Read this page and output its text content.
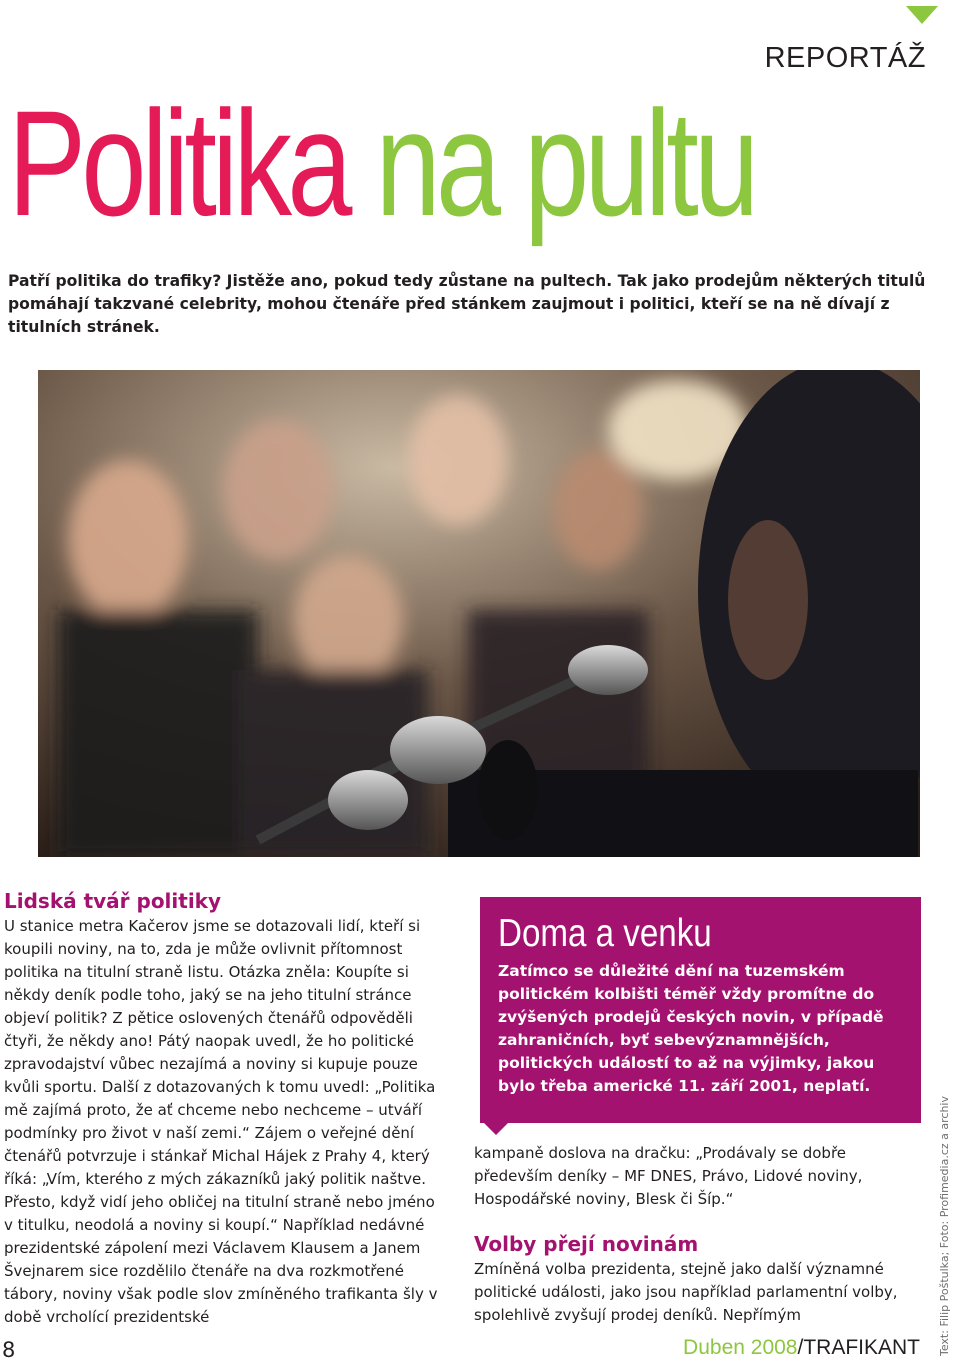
REPORTÁŽ
Politika na pultu
Patří politika do trafiky? Jistěže ano, pokud tedy zůstane na pultech. Tak jako prodejům některých titulů pomáhají takzvané celebrity, mohou čtenáře před stánkem zaujmout i politici, kteří se na ně dívají z titulních stránek.
Lidská tvář politiky
U stanice metra Kačerov jsme se dotazovali lidí, kteří si koupili noviny, na to, zda je může ovlivnit přítomnost politika na titulní straně listu. Otázka zněla: Koupíte si někdy deník podle toho, jaký se na jeho titulní stránce objeví politik? Z pětice oslovených čtenářů odpověděli čtyři, že někdy ano! Pátý naopak uvedl, že ho politické zpravodajství vůbec nezajímá a noviny si kupuje pouze kvůli sportu. Další z dotazovaných k tomu uvedl: „Politika mě zajímá proto, že ať chceme nebo nechceme – utváří podmínky pro život v naší zemi.“ Zájem o veřejné dění čtenářů potvrzuje i stánkař Michal Hájek z Prahy 4, který říká: „Vím, kterého z mých zákazníků jaký politik naštve. Přesto, když vidí jeho obličej na titulní straně nebo jméno v titulku, neodolá a noviny si koupí.“ Například nedávné prezidentské zápolení mezi Václavem Klausem a Janem Švejnarem sice rozdělilo čtenáře na dva rozkmotřené tábory, noviny však podle slov zmíněného trafikanta šly v době vrcholící prezidentské
Doma a venku
Zatímco se důležité dění na tuzemském politickém kolbišti téměř vždy promítne do zvýšených prodejů českých novin, v případě zahraničních, byť sebevýznamnějších, politických událostí to až na výjimky, jakou bylo třeba americké 11. září 2001, neplatí.
kampaně doslova na dračku: „Prodávaly se dobře především deníky – MF DNES, Právo, Lidové noviny, Hospodářské noviny, Blesk či Šíp.“
Volby přejí novinám
Zmíněná volba prezidenta, stejně jako další významné politické události, jako jsou například parlamentní volby, spolehlivě zvyšují prodej deníků. Nepřímým	Text: Filip Poštulka; Foto: Profimedia.cz a archiv
8	Duben 2008/TRAFIKANT
